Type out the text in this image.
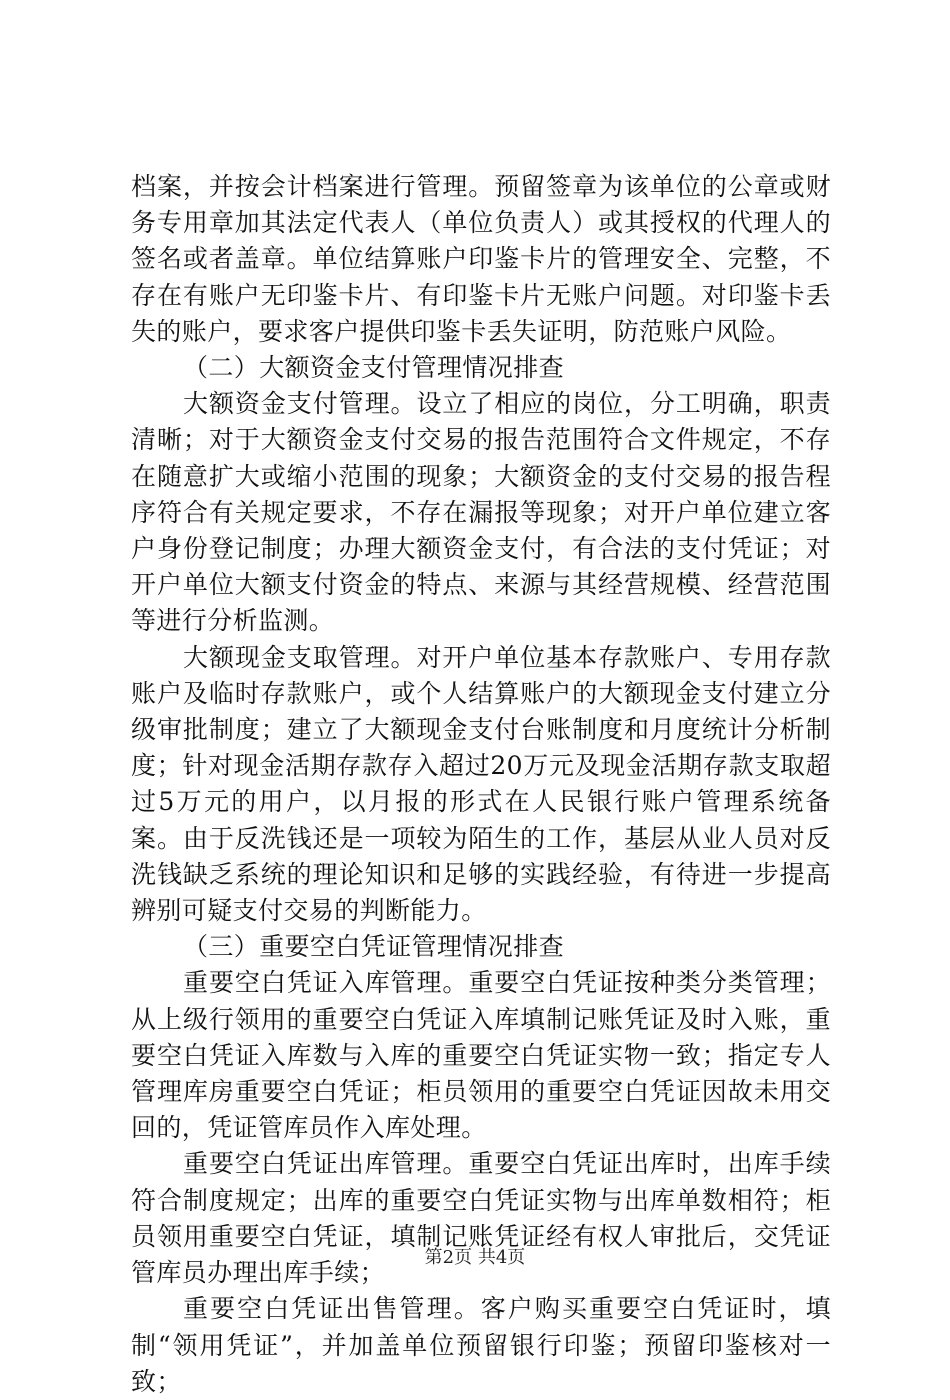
档案，并按会计档案进行管理。预留签章为该单位的公章或财务专用章加其法定代表人（单位负责人）或其授权的代理人的签名或者盖章。单位结算账户印鉴卡片的管理安全、完整，不存在有账户无印鉴卡片、有印鉴卡片无账户问题。对印鉴卡丢失的账户，要求客户提供印鉴卡丢失证明，防范账户风险。

（二）大额资金支付管理情况排查

大额资金支付管理。设立了相应的岗位，分工明确，职责清晰；对于大额资金支付交易的报告范围符合文件规定，不存在随意扩大或缩小范围的现象；大额资金的支付交易的报告程序符合有关规定要求，不存在漏报等现象；对开户单位建立客户身份登记制度；办理大额资金支付，有合法的支付凭证；对开户单位大额支付资金的特点、来源与其经营规模、经营范围等进行分析监测。

大额现金支取管理。对开户单位基本存款账户、专用存款账户及临时存款账户，或个人结算账户的大额现金支付建立分级审批制度；建立了大额现金支付台账制度和月度统计分析制度；针对现金活期存款存入超过20万元及现金活期存款支取超过5万元的用户，以月报的形式在人民银行账户管理系统备案。由于反洗钱还是一项较为陌生的工作，基层从业人员对反洗钱缺乏系统的理论知识和足够的实践经验，有待进一步提高辨别可疑支付交易的判断能力。

（三）重要空白凭证管理情况排查

重要空白凭证入库管理。重要空白凭证按种类分类管理；从上级行领用的重要空白凭证入库填制记账凭证及时入账，重要空白凭证入库数与入库的重要空白凭证实物一致；指定专人管理库房重要空白凭证；柜员领用的重要空白凭证因故未用交回的，凭证管库员作入库处理。

重要空白凭证出库管理。重要空白凭证出库时，出库手续符合制度规定；出库的重要空白凭证实物与出库单数相符；柜员领用重要空白凭证，填制记账凭证经有权人审批后，交凭证管库员办理出库手续；

重要空白凭证出售管理。客户购买重要空白凭证时，填制“领用凭证”，并加盖单位预留银行印鉴；预留印鉴核对一致；

第2页 共4页
